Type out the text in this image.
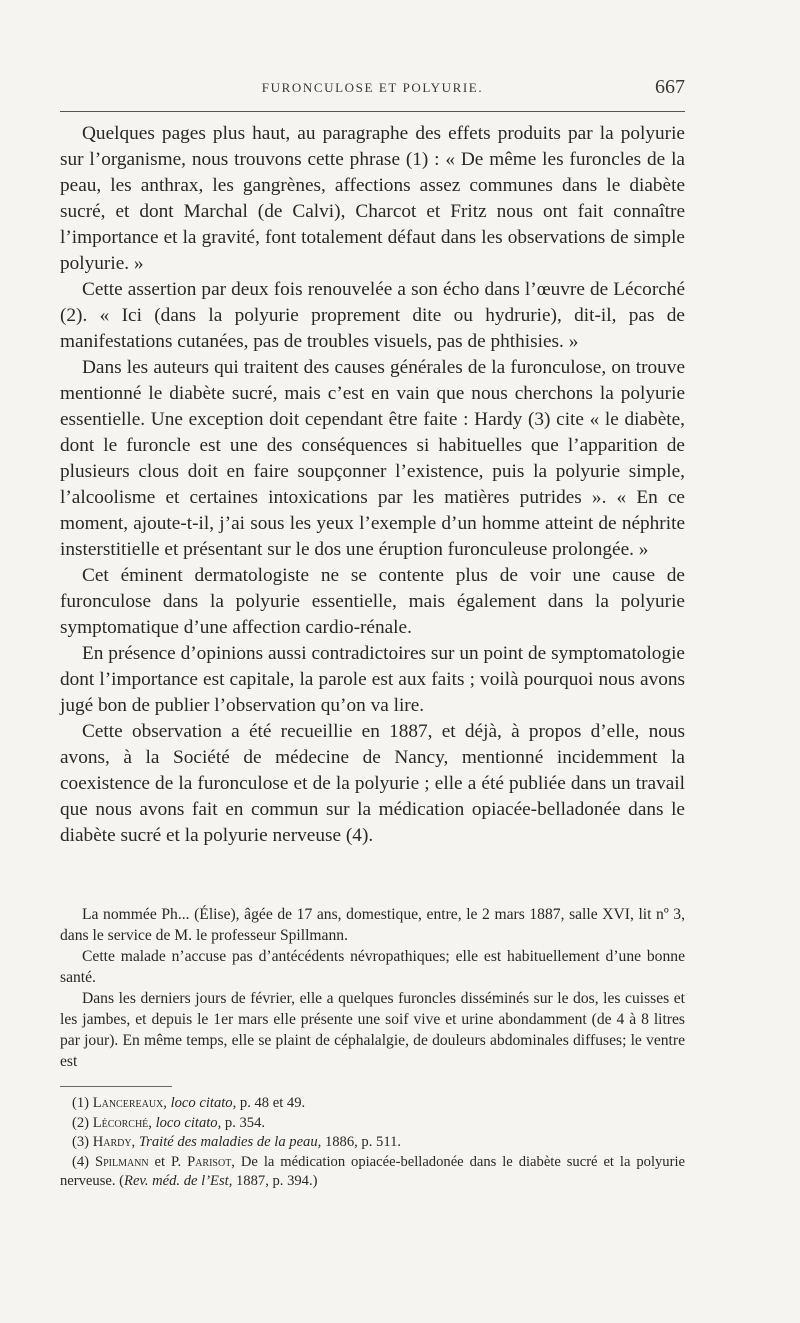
FURONCULOSE ET POLYURIE.	667

Quelques pages plus haut, au paragraphe des effets produits par la polyurie sur l’organisme, nous trouvons cette phrase (1) : « De même les furoncles de la peau, les anthrax, les gangrènes, affections assez communes dans le diabète sucré, et dont Marchal (de Calvi), Charcot et Fritz nous ont fait connaître l’importance et la gravité, font totalement défaut dans les observations de simple polyurie. »

Cette assertion par deux fois renouvelée a son écho dans l’œuvre de Lécorché (2). « Ici (dans la polyurie proprement dite ou hydrurie), dit-il, pas de manifestations cutanées, pas de troubles visuels, pas de phthisies. »

Dans les auteurs qui traitent des causes générales de la furonculose, on trouve mentionné le diabète sucré, mais c’est en vain que nous cherchons la polyurie essentielle. Une exception doit cependant être faite : Hardy (3) cite « le diabète, dont le furoncle est une des conséquences si habituelles que l’apparition de plusieurs clous doit en faire soupçonner l’existence, puis la polyurie simple, l’alcoolisme et certaines intoxications par les matières putrides ». « En ce moment, ajoute-t-il, j’ai sous les yeux l’exemple d’un homme atteint de néphrite insterstitielle et présentant sur le dos une éruption furonculeuse prolongée. »

Cet éminent dermatologiste ne se contente plus de voir une cause de furonculose dans la polyurie essentielle, mais également dans la polyurie symptomatique d’une affection cardio-rénale.

En présence d’opinions aussi contradictoires sur un point de symptomatologie dont l’importance est capitale, la parole est aux faits ; voilà pourquoi nous avons jugé bon de publier l’observation qu’on va lire.

Cette observation a été recueillie en 1887, et déjà, à propos d’elle, nous avons, à la Société de médecine de Nancy, mentionné incidemment la coexistence de la furonculose et de la polyurie ; elle a été publiée dans un travail que nous avons fait en commun sur la médication opiacée-belladonée dans le diabète sucré et la polyurie nerveuse (4).

La nommée Ph... (Élise), âgée de 17 ans, domestique, entre, le 2 mars 1887, salle XVI, lit nº 3, dans le service de M. le professeur Spillmann.

Cette malade n’accuse pas d’antécédents névropathiques; elle est habituellement d’une bonne santé.

Dans les derniers jours de février, elle a quelques furoncles disséminés sur le dos, les cuisses et les jambes, et depuis le 1er mars elle présente une soif vive et urine abondamment (de 4 à 8 litres par jour). En même temps, elle se plaint de céphalalgie, de douleurs abdominales diffuses; le ventre est

(1) Lancereaux, loco citato, p. 48 et 49.

(2) Lécorché, loco citato, p. 354.

(3) Hardy, Traité des maladies de la peau, 1886, p. 511.

(4) Spilmann et P. Parisot, De la médication opiacée-belladonée dans le diabète sucré et la polyurie nerveuse. (Rev. méd. de l’Est, 1887, p. 394.)
